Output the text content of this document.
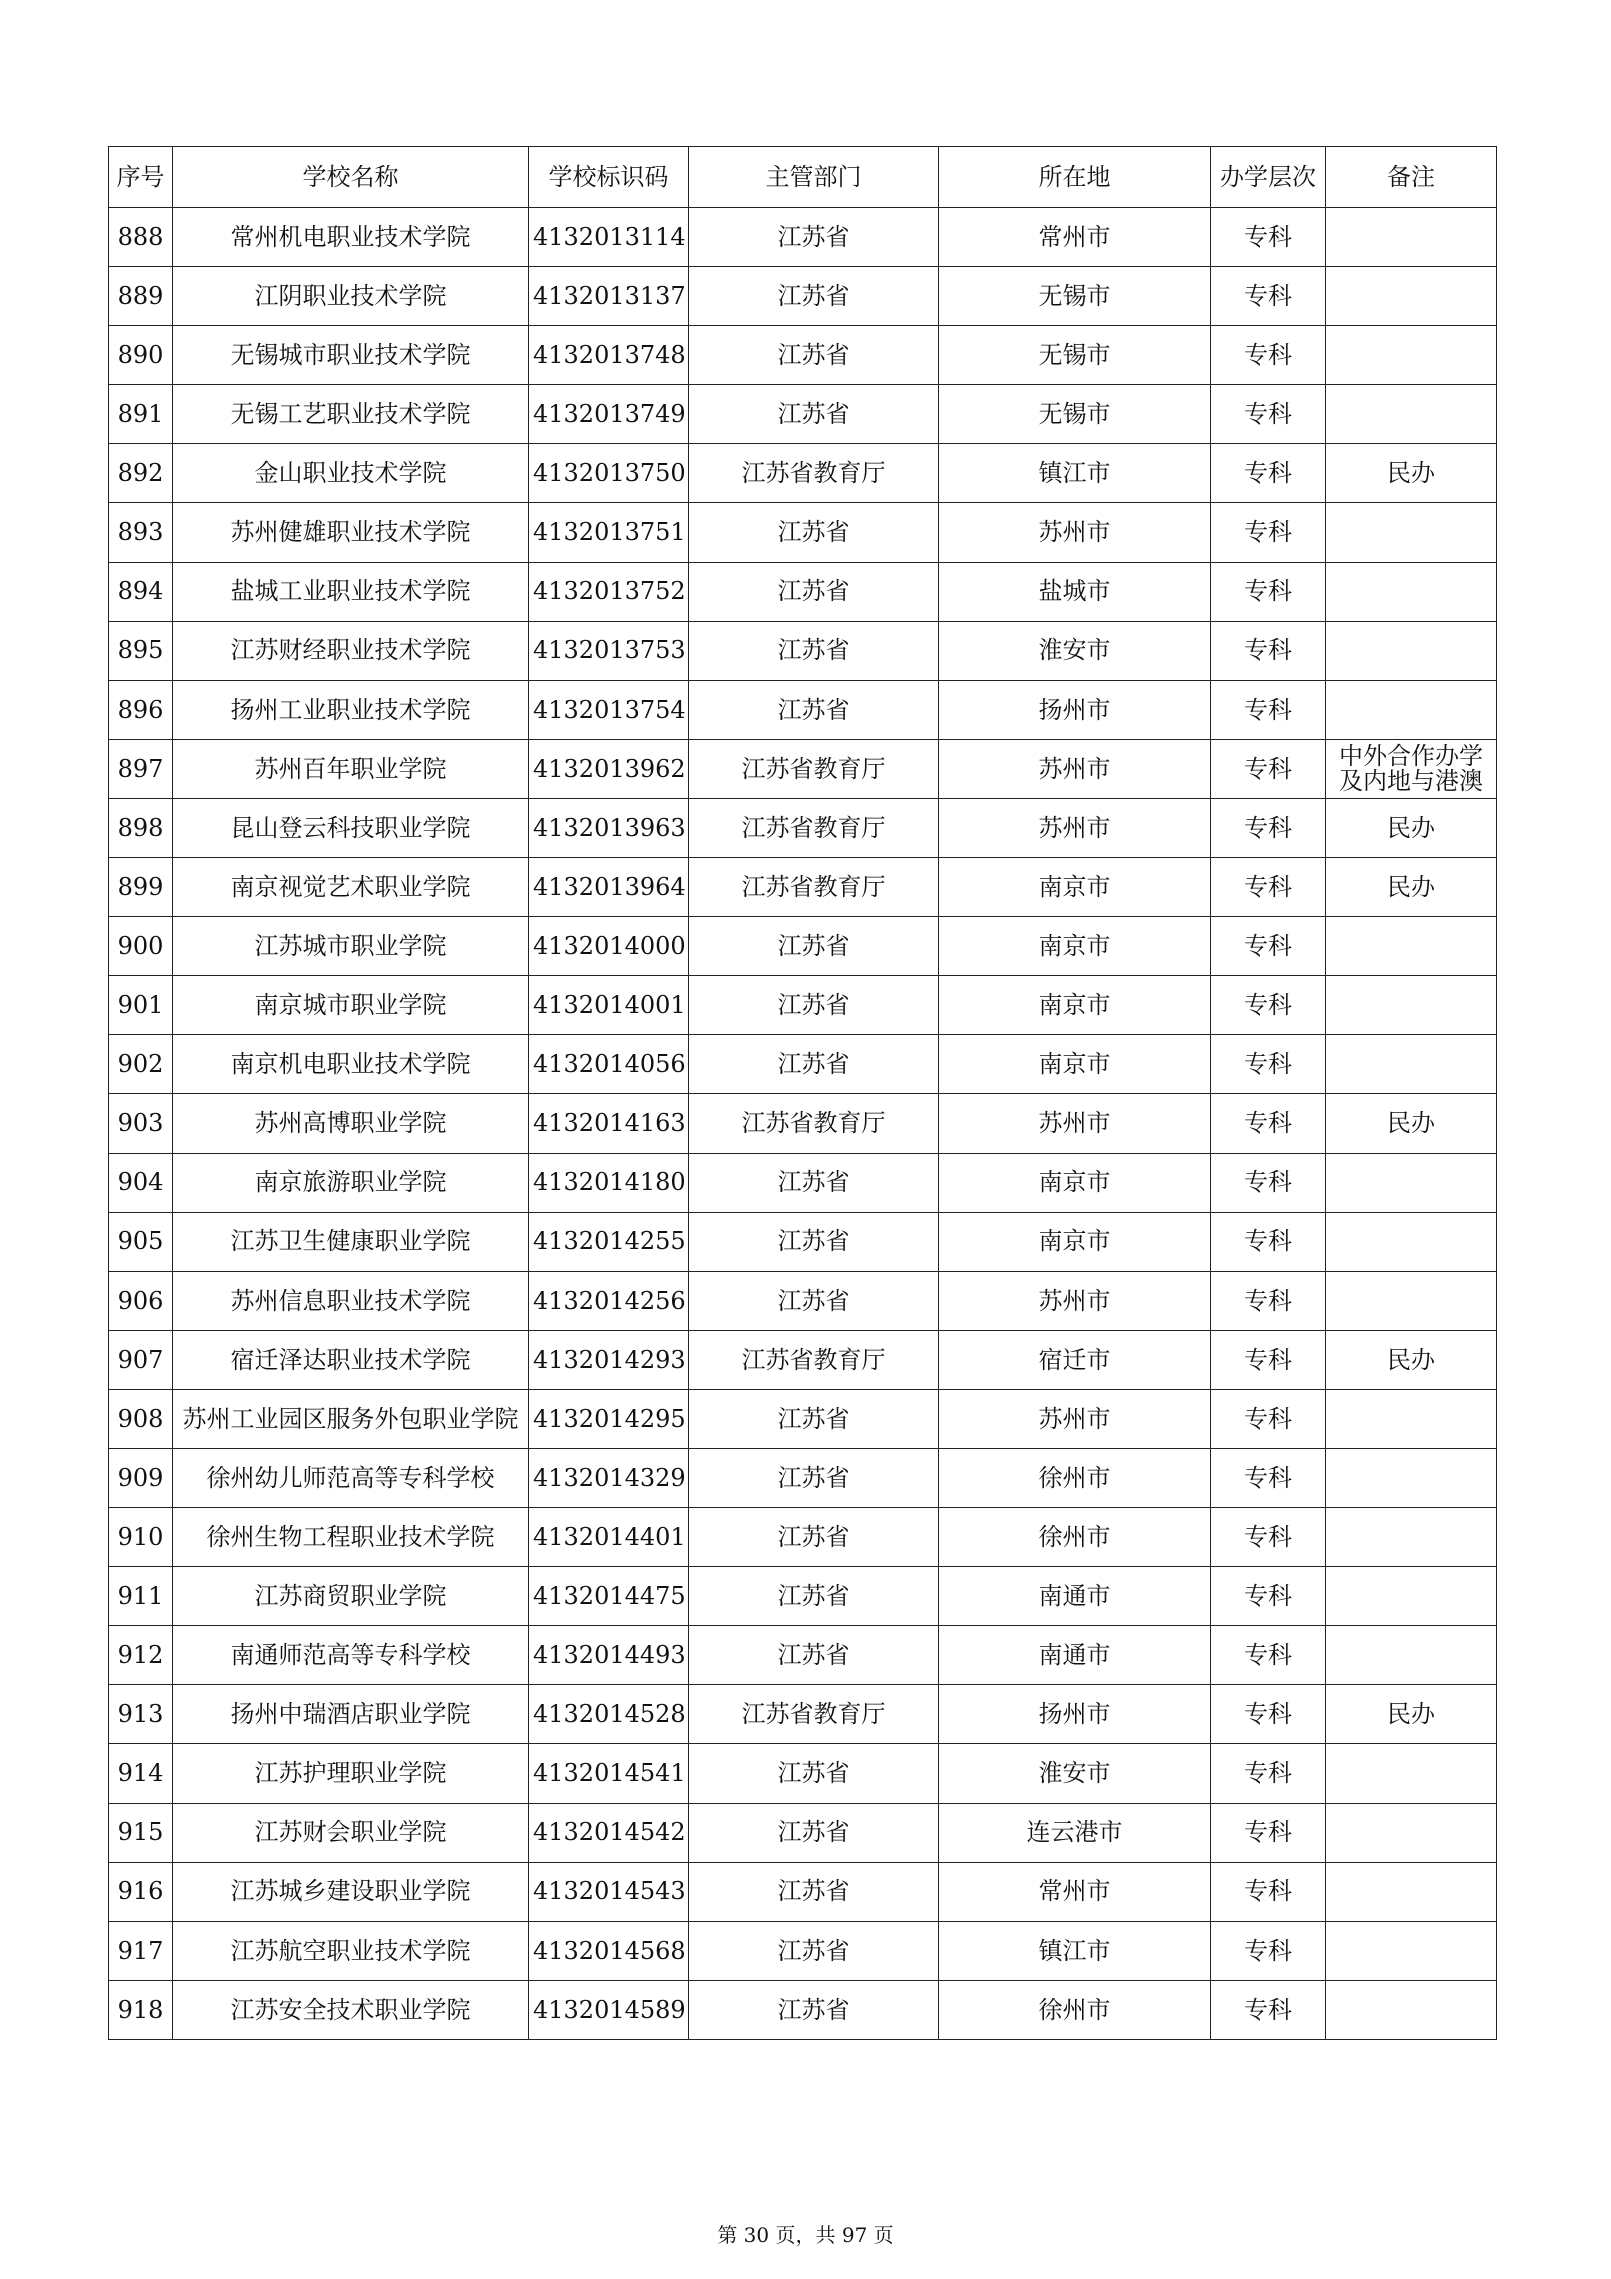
序号	学校名称	学校标识码	主管部门	所在地	办学层次	备注
888	常州机电职业技术学院	4132013114	江苏省	常州市	专科	
889	江阴职业技术学院	4132013137	江苏省	无锡市	专科	
890	无锡城市职业技术学院	4132013748	江苏省	无锡市	专科	
891	无锡工艺职业技术学院	4132013749	江苏省	无锡市	专科	
892	金山职业技术学院	4132013750	江苏省教育厅	镇江市	专科	民办
893	苏州健雄职业技术学院	4132013751	江苏省	苏州市	专科	
894	盐城工业职业技术学院	4132013752	江苏省	盐城市	专科	
895	江苏财经职业技术学院	4132013753	江苏省	淮安市	专科	
896	扬州工业职业技术学院	4132013754	江苏省	扬州市	专科	
897	苏州百年职业学院	4132013962	江苏省教育厅	苏州市	专科	中外合作办学及内地与港澳
898	昆山登云科技职业学院	4132013963	江苏省教育厅	苏州市	专科	民办
899	南京视觉艺术职业学院	4132013964	江苏省教育厅	南京市	专科	民办
900	江苏城市职业学院	4132014000	江苏省	南京市	专科	
901	南京城市职业学院	4132014001	江苏省	南京市	专科	
902	南京机电职业技术学院	4132014056	江苏省	南京市	专科	
903	苏州高博职业学院	4132014163	江苏省教育厅	苏州市	专科	民办
904	南京旅游职业学院	4132014180	江苏省	南京市	专科	
905	江苏卫生健康职业学院	4132014255	江苏省	南京市	专科	
906	苏州信息职业技术学院	4132014256	江苏省	苏州市	专科	
907	宿迁泽达职业技术学院	4132014293	江苏省教育厅	宿迁市	专科	民办
908	苏州工业园区服务外包职业学院	4132014295	江苏省	苏州市	专科	
909	徐州幼儿师范高等专科学校	4132014329	江苏省	徐州市	专科	
910	徐州生物工程职业技术学院	4132014401	江苏省	徐州市	专科	
911	江苏商贸职业学院	4132014475	江苏省	南通市	专科	
912	南通师范高等专科学校	4132014493	江苏省	南通市	专科	
913	扬州中瑞酒店职业学院	4132014528	江苏省教育厅	扬州市	专科	民办
914	江苏护理职业学院	4132014541	江苏省	淮安市	专科	
915	江苏财会职业学院	4132014542	江苏省	连云港市	专科	
916	江苏城乡建设职业学院	4132014543	江苏省	常州市	专科	
917	江苏航空职业技术学院	4132014568	江苏省	镇江市	专科	
918	江苏安全技术职业学院	4132014589	江苏省	徐州市	专科	
第 30 页，共 97 页
